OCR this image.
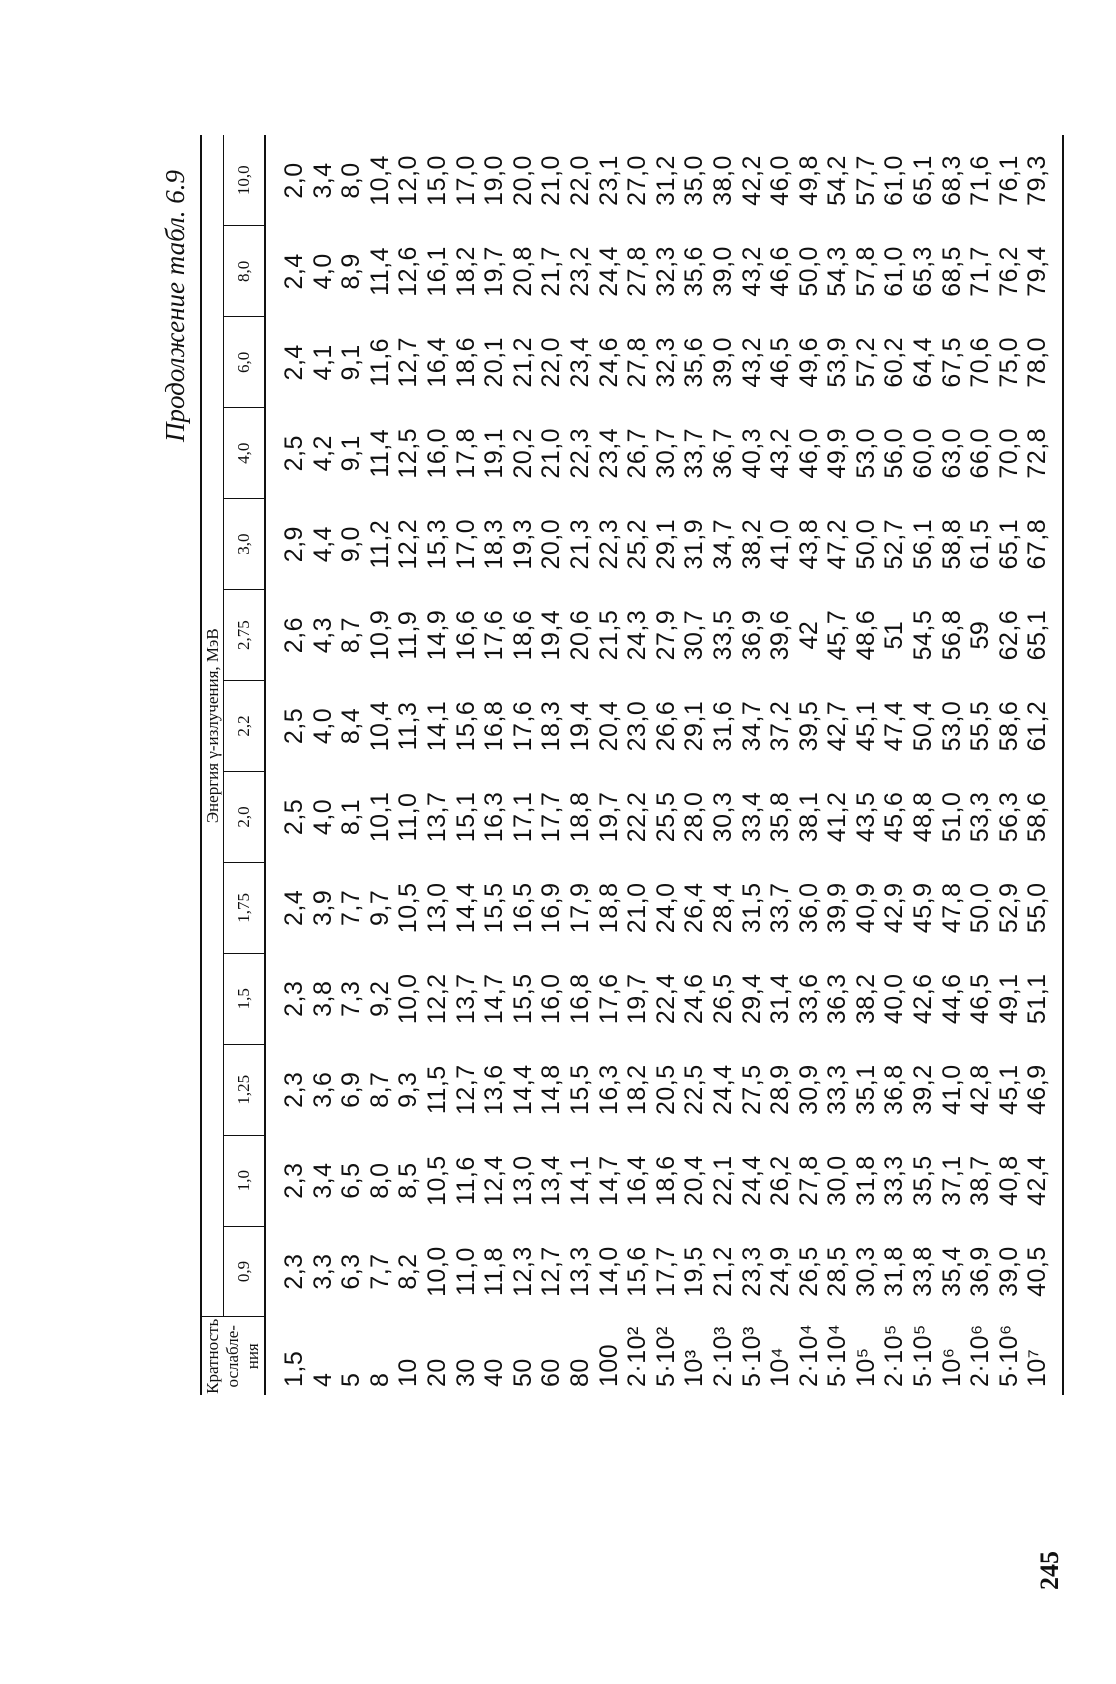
Продолжение табл. 6.9
245
Кратность ослабле-ния	Энергия γ-излучения, МэВ												
	0,9	1,0	1,25	1,5	1,75	2,0	2,2	2,75	3,0	4,0	6,0	8,0	10,0
1,5	2,3	2,3	2,3	2,3	2,4	2,5	2,5	2,6	2,9	2,5	2,4	2,4	2,0
4	3,3	3,4	3,6	3,8	3,9	4,0	4,0	4,3	4,4	4,2	4,1	4,0	3,4
5	6,3	6,5	6,9	7,3	7,7	8,1	8,4	8,7	9,0	9,1	9,1	8,9	8,0
8	7,7	8,0	8,7	9,2	9,7	10,1	10,4	10,9	11,2	11,4	11,6	11,4	10,4
10	8,2	8,5	9,3	10,0	10,5	11,0	11,3	11,9	12,2	12,5	12,7	12,6	12,0
20	10,0	10,5	11,5	12,2	13,0	13,7	14,1	14,9	15,3	16,0	16,4	16,1	15,0
30	11,0	11,6	12,7	13,7	14,4	15,1	15,6	16,6	17,0	17,8	18,6	18,2	17,0
40	11,8	12,4	13,6	14,7	15,5	16,3	16,8	17,6	18,3	19,1	20,1	19,7	19,0
50	12,3	13,0	14,4	15,5	16,5	17,1	17,6	18,6	19,3	20,2	21,2	20,8	20,0
60	12,7	13,4	14,8	16,0	16,9	17,7	18,3	19,4	20,0	21,0	22,0	21,7	21,0
80	13,3	14,1	15,5	16,8	17,9	18,8	19,4	20,6	21,3	22,3	23,4	23,2	22,0
100	14,0	14,7	16,3	17,6	18,8	19,7	20,4	21,5	22,3	23,4	24,6	24,4	23,1
2·10²	15,6	16,4	18,2	19,7	21,0	22,2	23,0	24,3	25,2	26,7	27,8	27,8	27,0
5·10²	17,7	18,6	20,5	22,4	24,0	25,5	26,6	27,9	29,1	30,7	32,3	32,3	31,2
10³	19,5	20,4	22,5	24,6	26,4	28,0	29,1	30,7	31,9	33,7	35,6	35,6	35,0
2·10³	21,2	22,1	24,4	26,5	28,4	30,3	31,6	33,5	34,7	36,7	39,0	39,0	38,0
5·10³	23,3	24,4	27,5	29,4	31,5	33,4	34,7	36,9	38,2	40,3	43,2	43,2	42,2
10⁴	24,9	26,2	28,9	31,4	33,7	35,8	37,2	39,6	41,0	43,2	46,5	46,6	46,0
2·10⁴	26,5	27,8	30,9	33,6	36,0	38,1	39,5	42	43,8	46,0	49,6	50,0	49,8
5·10⁴	28,5	30,0	33,3	36,3	39,9	41,2	42,7	45,7	47,2	49,9	53,9	54,3	54,2
10⁵	30,3	31,8	35,1	38,2	40,9	43,5	45,1	48,6	50,0	53,0	57,2	57,8	57,7
2·10⁵	31,8	33,3	36,8	40,0	42,9	45,6	47,4	51	52,7	56,0	60,2	61,0	61,0
5·10⁵	33,8	35,5	39,2	42,6	45,9	48,8	50,4	54,5	56,1	60,0	64,4	65,3	65,1
10⁶	35,4	37,1	41,0	44,6	47,8	51,0	53,0	56,8	58,8	63,0	67,5	68,5	68,3
2·10⁶	36,9	38,7	42,8	46,5	50,0	53,3	55,5	59	61,5	66,0	70,6	71,7	71,6
5·10⁶	39,0	40,8	45,1	49,1	52,9	56,3	58,6	62,6	65,1	70,0	75,0	76,2	76,1
10⁷	40,5	42,4	46,9	51,1	55,0	58,6	61,2	65,1	67,8	72,8	78,0	79,4	79,3
